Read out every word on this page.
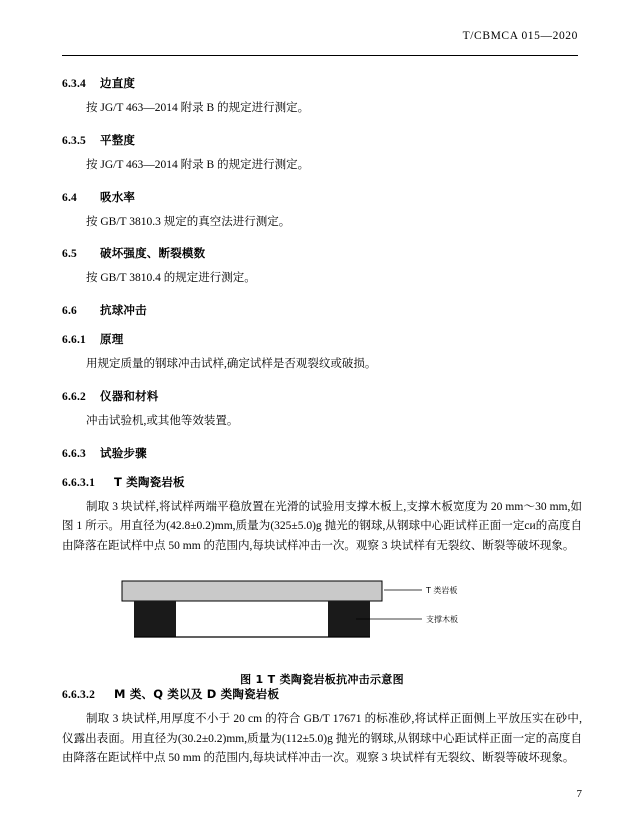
T/CBMCA 015—2020
6.3.4 边直度
按 JG/T 463—2014 附录 B 的规定进行测定。
6.3.5 平整度
按 JG/T 463—2014 附录 B 的规定进行测定。
6.4 吸水率
按 GB/T 3810.3 规定的真空法进行测定。
6.5 破坏强度、断裂模数
按 GB/T 3810.4 的规定进行测定。
6.6 抗球冲击
6.6.1 原理
用规定质量的钢球冲击试样,确定试样是否观裂纹或破损。
6.6.2 仪器和材料
冲击试验机,或其他等效装置。
6.6.3 试验步骤
6.6.3.1 T 类陶瓷岩板
制取 3 块试样,将试样两端平稳放置在光滑的试验用支撑木板上,支撑木板宽度为 20 mm～30 mm,如图 1 所示。用直径为(42.8±0.2)mm,质量为(325±5.0)g 抛光的钢球,从钢球中心距试样正面一定си的高度自由降落在距试样中点 50 mm 的范围内,每块试样冲击一次。观察 3 块试样有无裂纹、断裂等破坏现象。
T 类岩板
支撑木板
图 1 T 类陶瓷岩板抗冲击示意图
6.6.3.2 M 类、Q 类以及 D 类陶瓷岩板
制取 3 块试样,用厚度不小于 20 cm 的符合 GB/T 17671 的标准砂,将试样正面侧上平放压实在砂中,仪露出表面。用直径为(30.2±0.2)mm,质量为(112±5.0)g 抛光的钢球,从钢球中心距试样正面一定的高度自由降落在距试样中点 50 mm 的范围内,每块试样冲击一次。观察 3 块试样有无裂纹、断裂等破坏现象。
7
